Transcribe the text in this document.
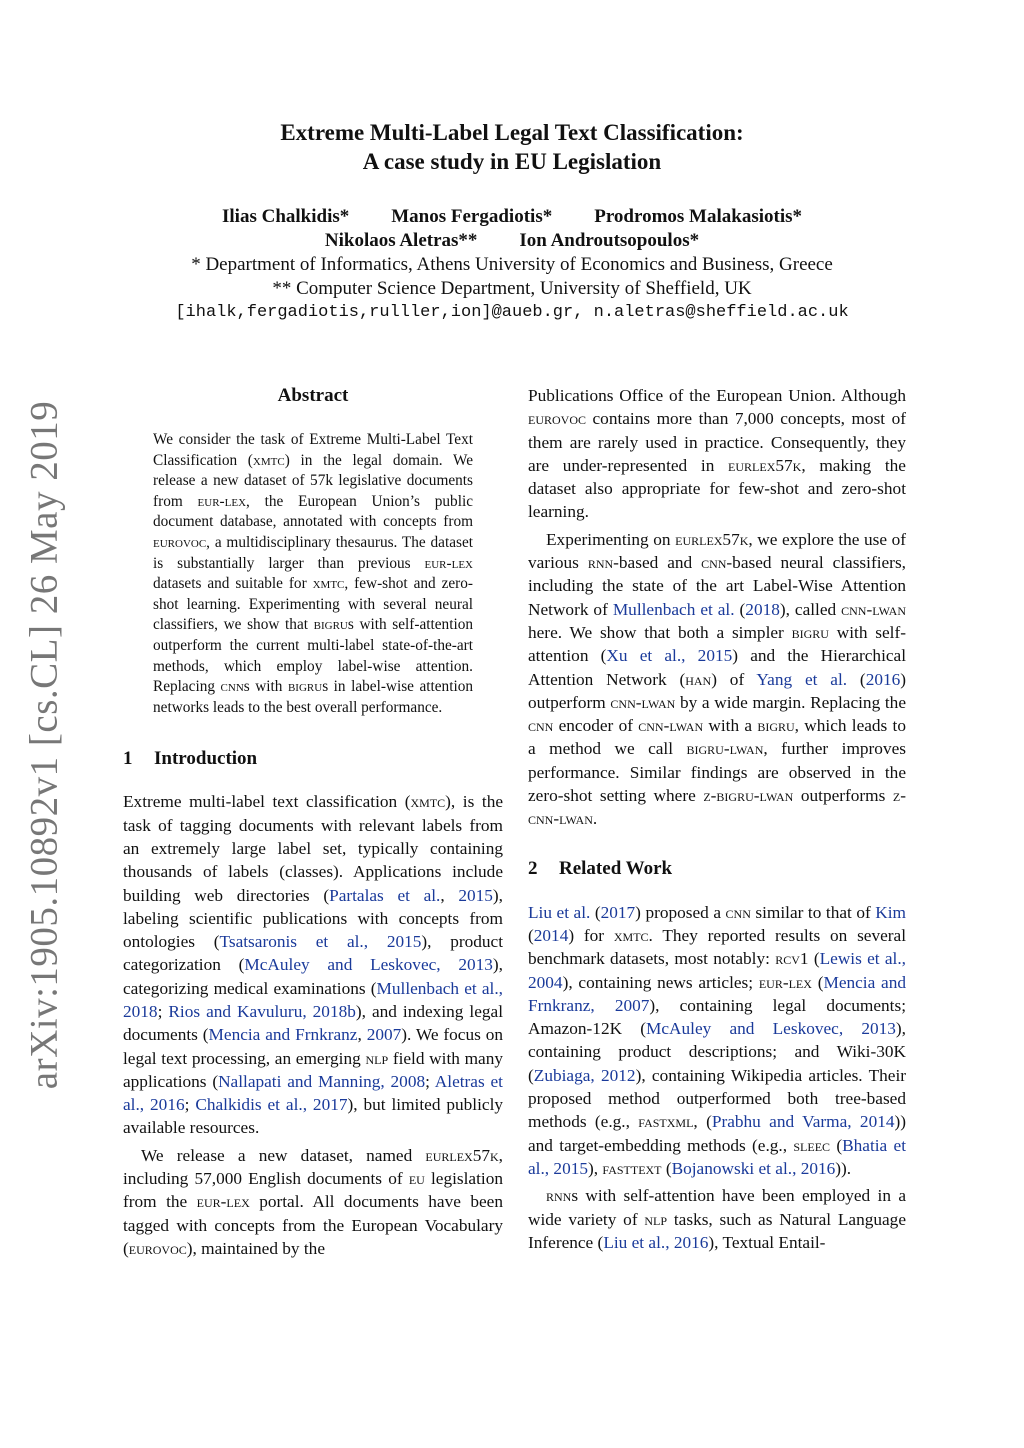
arXiv:1905.10892v1 [cs.CL] 26 May 2019
Extreme Multi-Label Legal Text Classification:
A case study in EU Legislation
Ilias Chalkidis* Manos Fergadiotis* Prodromos Malakasiotis*
Nikolaos Aletras** Ion Androutsopoulos*
* Department of Informatics, Athens University of Economics and Business, Greece
** Computer Science Department, University of Sheffield, UK
[ihalk,fergadiotis,rulller,ion]@aueb.gr, n.aletras@sheffield.ac.uk
Abstract
We consider the task of Extreme Multi-Label Text Classification (xmtc) in the legal domain. We release a new dataset of 57k legislative documents from eur-lex, the European Union’s public document database, annotated with concepts from eurovoc, a multidisciplinary thesaurus. The dataset is substantially larger than previous eur-lex datasets and suitable for xmtc, few-shot and zero-shot learning. Experimenting with several neural classifiers, we show that bigrus with self-attention outperform the current multi-label state-of-the-art methods, which employ label-wise attention. Replacing cnns with bigrus in label-wise attention networks leads to the best overall performance.
1 Introduction

Extreme multi-label text classification (xmtc), is the task of tagging documents with relevant labels from an extremely large label set, typically containing thousands of labels (classes). Applications include building web directories (Partalas et al., 2015), labeling scientific publications with concepts from ontologies (Tsatsaronis et al., 2015), product categorization (McAuley and Leskovec, 2013), categorizing medical examinations (Mullenbach et al., 2018; Rios and Kavuluru, 2018b), and indexing legal documents (Mencia and Frnkranz, 2007). We focus on legal text processing, an emerging nlp field with many applications (Nallapati and Manning, 2008; Aletras et al., 2016; Chalkidis et al., 2017), but limited publicly available resources.

We release a new dataset, named eurlex57k, including 57,000 English documents of eu legislation from the eur-lex portal. All documents have been tagged with concepts from the European Vocabulary (eurovoc), maintained by the

Publications Office of the European Union. Although eurovoc contains more than 7,000 concepts, most of them are rarely used in practice. Consequently, they are under-represented in eurlex57k, making the dataset also appropriate for few-shot and zero-shot learning.

Experimenting on eurlex57k, we explore the use of various rnn-based and cnn-based neural classifiers, including the state of the art Label-Wise Attention Network of Mullenbach et al. (2018), called cnn-lwan here. We show that both a simpler bigru with self-attention (Xu et al., 2015) and the Hierarchical Attention Network (han) of Yang et al. (2016) outperform cnn-lwan by a wide margin. Replacing the cnn encoder of cnn-lwan with a bigru, which leads to a method we call bigru-lwan, further improves performance. Similar findings are observed in the zero-shot setting where z-bigru-lwan outperforms z-cnn-lwan.

2 Related Work

Liu et al. (2017) proposed a cnn similar to that of Kim (2014) for xmtc. They reported results on several benchmark datasets, most notably: rcv1 (Lewis et al., 2004), containing news articles; eur-lex (Mencia and Frnkranz, 2007), containing legal documents; Amazon-12K (McAuley and Leskovec, 2013), containing product descriptions; and Wiki-30K (Zubiaga, 2012), containing Wikipedia articles. Their proposed method outperformed both tree-based methods (e.g., fastxml, (Prabhu and Varma, 2014)) and target-embedding methods (e.g., sleec (Bhatia et al., 2015), fasttext (Bojanowski et al., 2016)).

rnns with self-attention have been employed in a wide variety of nlp tasks, such as Natural Language Inference (Liu et al., 2016), Textual Entail-
